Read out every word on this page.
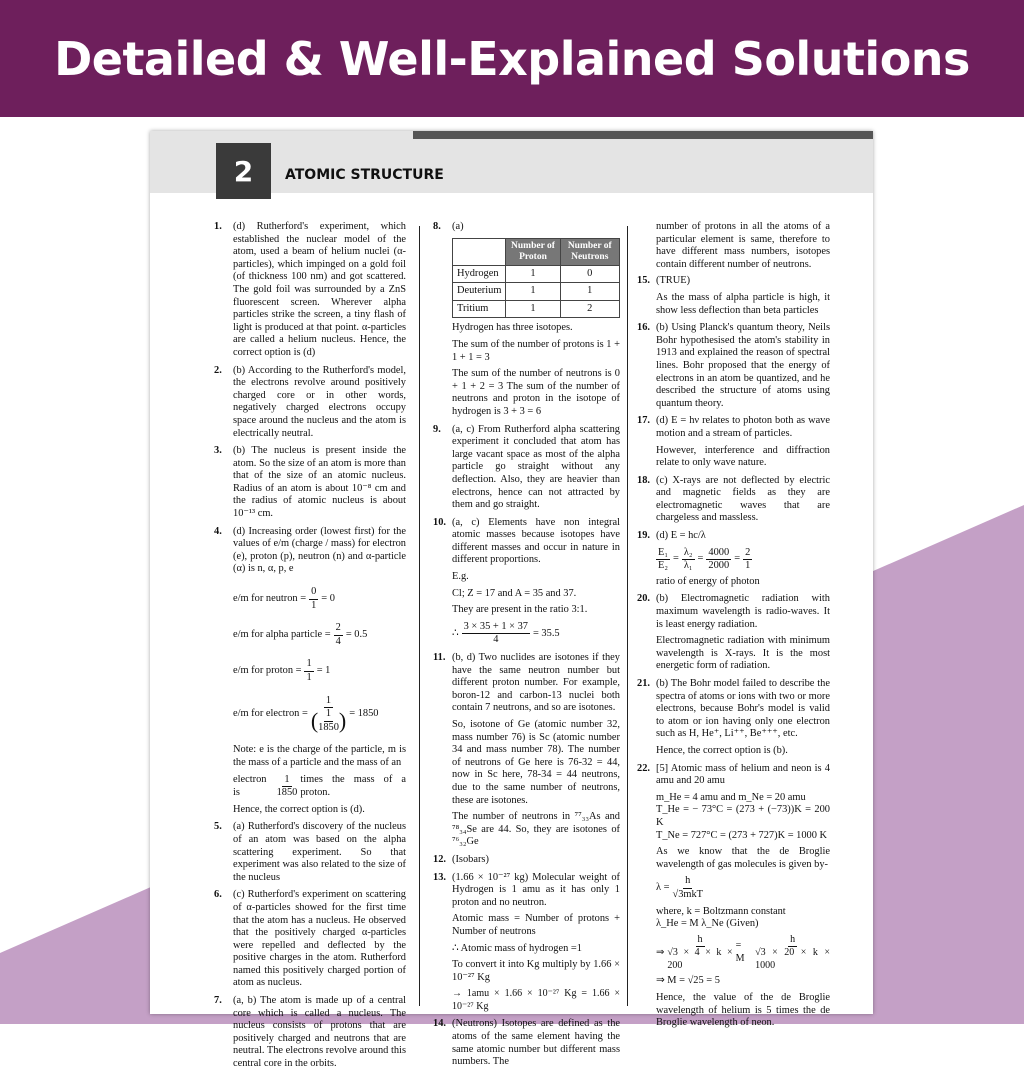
Detailed & Well-Explained Solutions
2	ATOMIC STRUCTURE
1. (d) Rutherford's experiment, which established the nuclear model of the atom, used a beam of helium nuclei (α-particles), which impinged on a gold foil (of thickness 100 nm) and got scattered. The gold foil was surrounded by a ZnS fluorescent screen. Wherever alpha particles strike the screen, a tiny flash of light is produced at that point. α-particles are called a helium nucleus. Hence, the correct option is (d)

2. (b) According to the Rutherford's model, the electrons revolve around positively charged core or in other words, negatively charged electrons occupy space around the nucleus and the atom is electrically neutral.

3. (b) The nucleus is present inside the atom. So the size of an atom is more than that of the size of an atomic nucleus. Radius of an atom is about 10⁻⁸ cm and the radius of atomic nucleus is about 10⁻¹³ cm.

4. (d) Increasing order (lowest first) for the values of e/m (charge / mass) for electron (e), proton (p), neutron (n) and α-particle (α) is n, α, p, e

e/m for neutron = $\frac{0}{1} = 0$
e/m for alpha particle = $\frac{2}{4} = 0.5$
e/m for proton = $\frac{1}{1} = 1$
e/m for electron = $\frac{1}{( \frac{1}{1850} )} = 1850$

Note: e is the charge of the particle, m is the mass of a particle and the mass of an

electron is	$\frac{1}{1850}$ times the mass of a proton.

Hence, the correct option is (d).

5. (a) Rutherford's discovery of the nucleus of an atom was based on the alpha scattering experiment. So that experiment was also related to the size of the nucleus

6. (c) Rutherford's experiment on scattering of α-particles showed for the first time that the atom has a nucleus. He observed that the positively charged α-particles were repelled and deflected by the positive charges in the atom. Rutherford named this positively charged portion of atom as nucleus.

7. (a, b) The atom is made up of a central core which is called a nucleus. The nucleus consists of protons that are positively charged and neutrons that are neutral. The electrons revolve around this central core in the orbits.

8. (a)

	Number of Proton	Number of Neutrons
Hydrogen	1	0
Deuterium	1	1
Tritium	1	2

Hydrogen has three isotopes.

The sum of the number of protons is 1 + 1 + 1 = 3

The sum of the number of neutrons is 0 + 1 + 2 = 3 The sum of the number of neutrons and proton in the isotope of hydrogen is 3 + 3 = 6

9. (a, c) From Rutherford alpha scattering experiment it concluded that atom has large vacant space as most of the alpha particle go straight without any deflection. Also, they are heavier than electrons, hence can not attracted by them and go straight.

10. (a, c) Elements have non integral atomic masses because isotopes have different masses and occur in nature in different proportions.

E.g.

Cl; Z = 17 and A = 35 and 37.

They are present in the ratio 3:1.

∴ $\frac{3 \times 35 + 1 \times 37}{4} = 35.5$
11. (b, d) Two nuclides are isotones if they have the same neutron number but different proton number. For example, boron-12 and carbon-13 nuclei both contain 7 neutrons, and so are isotones.

So, isotone of Ge (atomic number 32, mass number 76) is Sc (atomic number 34 and mass number 78). The number of neutrons of Ge here is 76-32 = 44, now in Sc here, 78-34 = 44 neutrons, due to the same number of neutrons, these are isotones.

The number of neutrons in ⁷⁷₃₃As and ⁷⁸₃₄Se are 44. So, they are isotones of ⁷⁶₃₂Ge

12. (Isobars)

13. (1.66 × 10⁻²⁷ kg) Molecular weight of Hydrogen is 1 amu as it has only 1 proton and no neutron.

Atomic mass = Number of protons + Number of neutrons

∴ Atomic mass of hydrogen =1

To convert it into Kg multiply by 1.66 × 10⁻²⁷ Kg

→ 1amu × 1.66 × 10⁻²⁷ Kg = 1.66 × 10⁻²⁷ Kg

14. (Neutrons) Isotopes are defined as the atoms of the same element having the same atomic number but different mass numbers. The

number of protons in all the atoms of a particular element is same, therefore to have different mass numbers, isotopes contain different number of neutrons.

15. (TRUE)

As the mass of alpha particle is high, it show less deflection than beta particles

16. (b) Using Planck's quantum theory, Neils Bohr hypothesised the atom's stability in 1913 and explained the reason of spectral lines. Bohr proposed that the energy of electrons in an atom be quantized, and he described the structure of atoms using quantum theory.

17. (d) E = hν relates to photon both as wave motion and a stream of particles.

However, interference and diffraction relate to only wave nature.

18. (c) X-rays are not deflected by electric and magnetic fields as they are electromagnetic waves that are chargeless and massless.

19. (d) E = hc/λ

$\frac{\text{E₁}}{\text{E₂}} = \frac{\text{λ₂}}{\text{λ₁}} = \frac{4000}{2000} = \frac{2}{1}$
ratio of energy of photon
20. (b) Electromagnetic radiation with maximum wavelength is radio-waves. It is least energy radiation.

Electromagnetic radiation with minimum wavelength is X-rays. It is the most energetic form of radiation.

21. (b) The Bohr model failed to describe the spectra of atoms or ions with two or more electrons, because Bohr's model is valid to atom or ion having only one electron such as H, He⁺, Li⁺⁺, Be⁺⁺⁺, etc.

Hence, the correct option is (b).

22. [5] Atomic mass of helium and neon is 4 amu and 20 amu

m_He = 4 amu and m_Ne = 20 amu

T_He = − 73°C = (273 + (−73))K = 200 K

T_Ne = 727°C = (273 + 727)K = 1000 K

As we know that the de Broglie wavelength of gas molecules is given by-

$\lambda = \frac{h}{\text{√3mkT}}$

where, k = Boltzmann constant

λ_He = M λ_Ne (Given)

⇒ $\frac{h}{√3 \times 4 \times k \times 200} = M$	$\frac{h}{√3 \times 20 \times k \times 1000}$

⇒ M = √25 = 5

Hence, the value of the de Broglie wavelength of helium is 5 times the de Broglie wavelength of neon.
